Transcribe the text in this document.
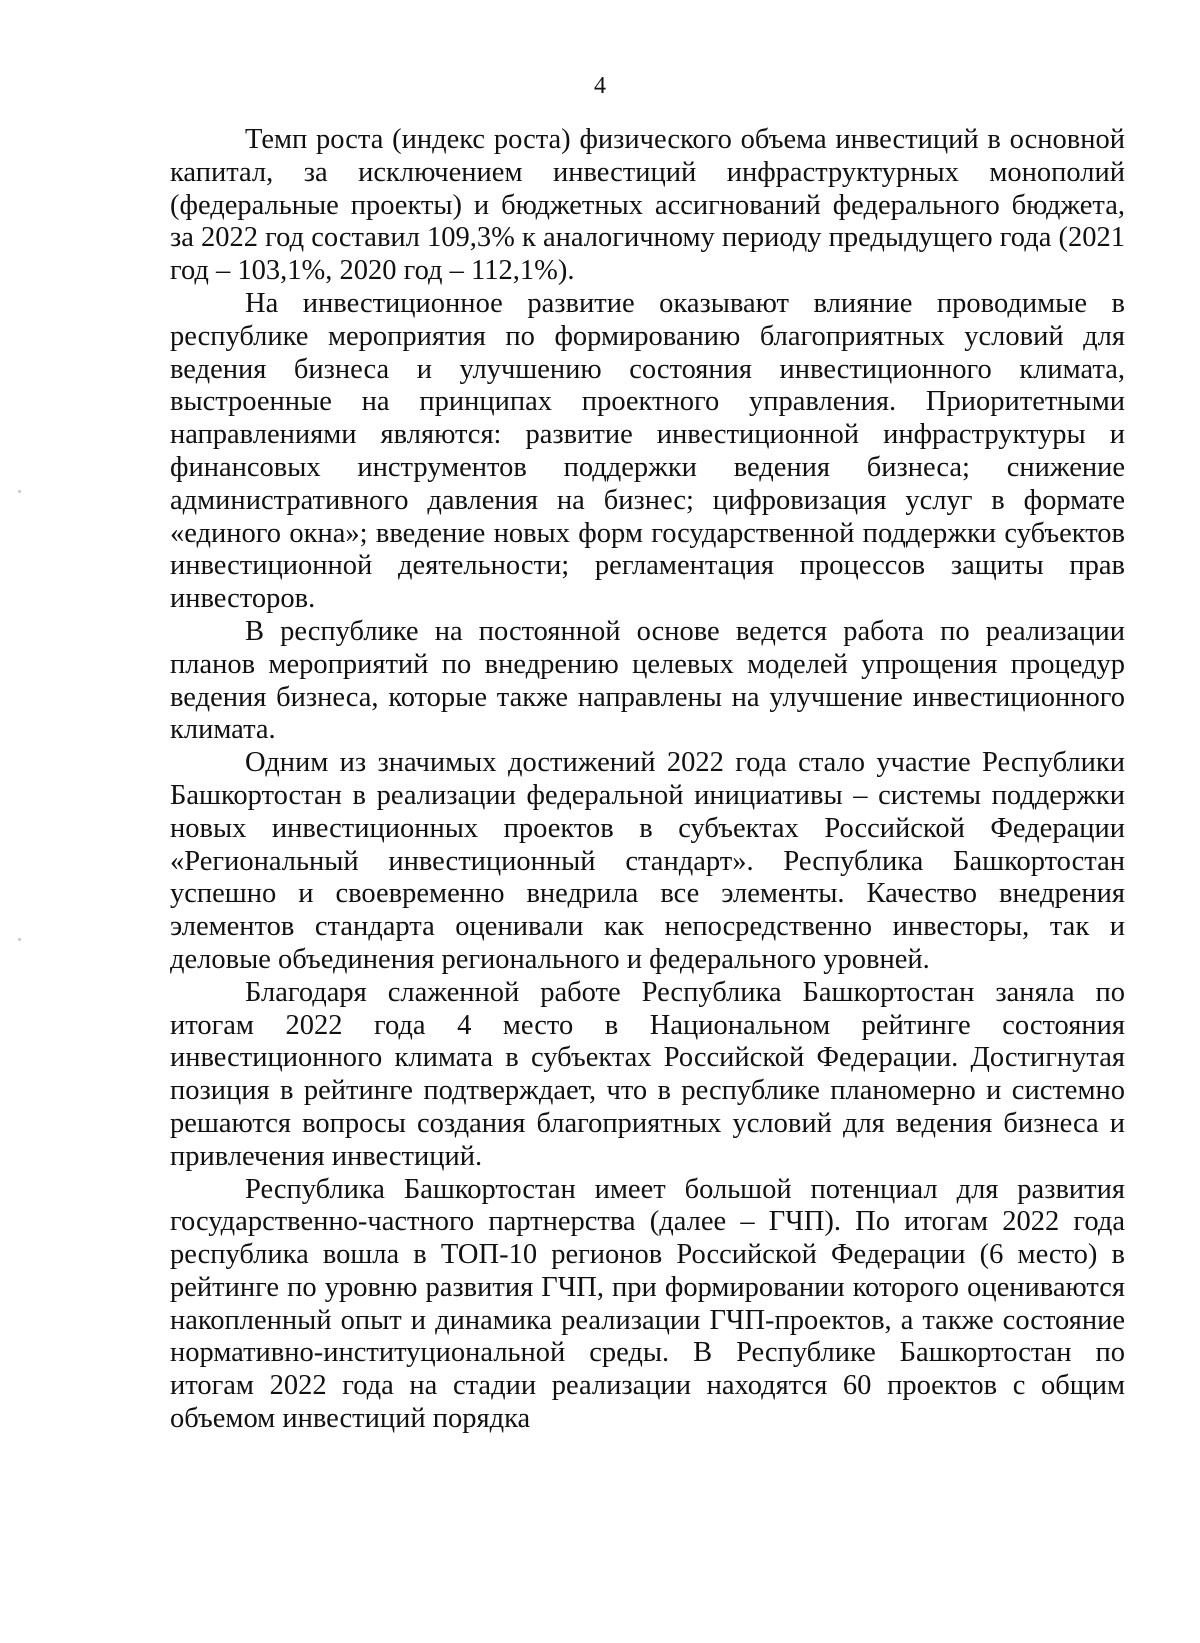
4

Темп роста (индекс роста) физического объема инвестиций в основной капитал, за исключением инвестиций инфраструктурных монополий (федеральные проекты) и бюджетных ассигнований федерального бюджета, за 2022 год составил 109,3% к аналогичному периоду предыдущего года (2021 год – 103,1%, 2020 год – 112,1%).

На инвестиционное развитие оказывают влияние проводимые в республике мероприятия по формированию благоприятных условий для ведения бизнеса и улучшению состояния инвестиционного климата, выстроенные на принципах проектного управления. Приоритетными направлениями являются: развитие инвестиционной инфраструктуры и финансовых инструментов поддержки ведения бизнеса; снижение административного давления на бизнес; цифровизация услуг в формате «единого окна»; введение новых форм государственной поддержки субъектов инвестиционной деятельности; регламентация процессов защиты прав инвесторов.

В республике на постоянной основе ведется работа по реализации планов мероприятий по внедрению целевых моделей упрощения процедур ведения бизнеса, которые также направлены на улучшение инвестиционного климата.

Одним из значимых достижений 2022 года стало участие Республики Башкортостан в реализации федеральной инициативы – системы поддержки новых инвестиционных проектов в субъектах Российской Федерации «Региональный инвестиционный стандарт». Республика Башкортостан успешно и своевременно внедрила все элементы. Качество внедрения элементов стандарта оценивали как непосредственно инвесторы, так и деловые объединения регионального и федерального уровней.

Благодаря слаженной работе Республика Башкортостан заняла по итогам 2022 года 4 место в Национальном рейтинге состояния инвестиционного климата в субъектах Российской Федерации. Достигнутая позиция в рейтинге подтверждает, что в республике планомерно и системно решаются вопросы создания благоприятных условий для ведения бизнеса и привлечения инвестиций.

Республика Башкортостан имеет большой потенциал для развития государственно-частного партнерства (далее – ГЧП). По итогам 2022 года республика вошла в ТОП-10 регионов Российской Федерации (6 место) в рейтинге по уровню развития ГЧП, при формировании которого оцениваются накопленный опыт и динамика реализации ГЧП-проектов, а также состояние нормативно-институциональной среды. В Республике Башкортостан по итогам 2022 года на стадии реализации находятся 60 проектов с общим объемом инвестиций порядка
